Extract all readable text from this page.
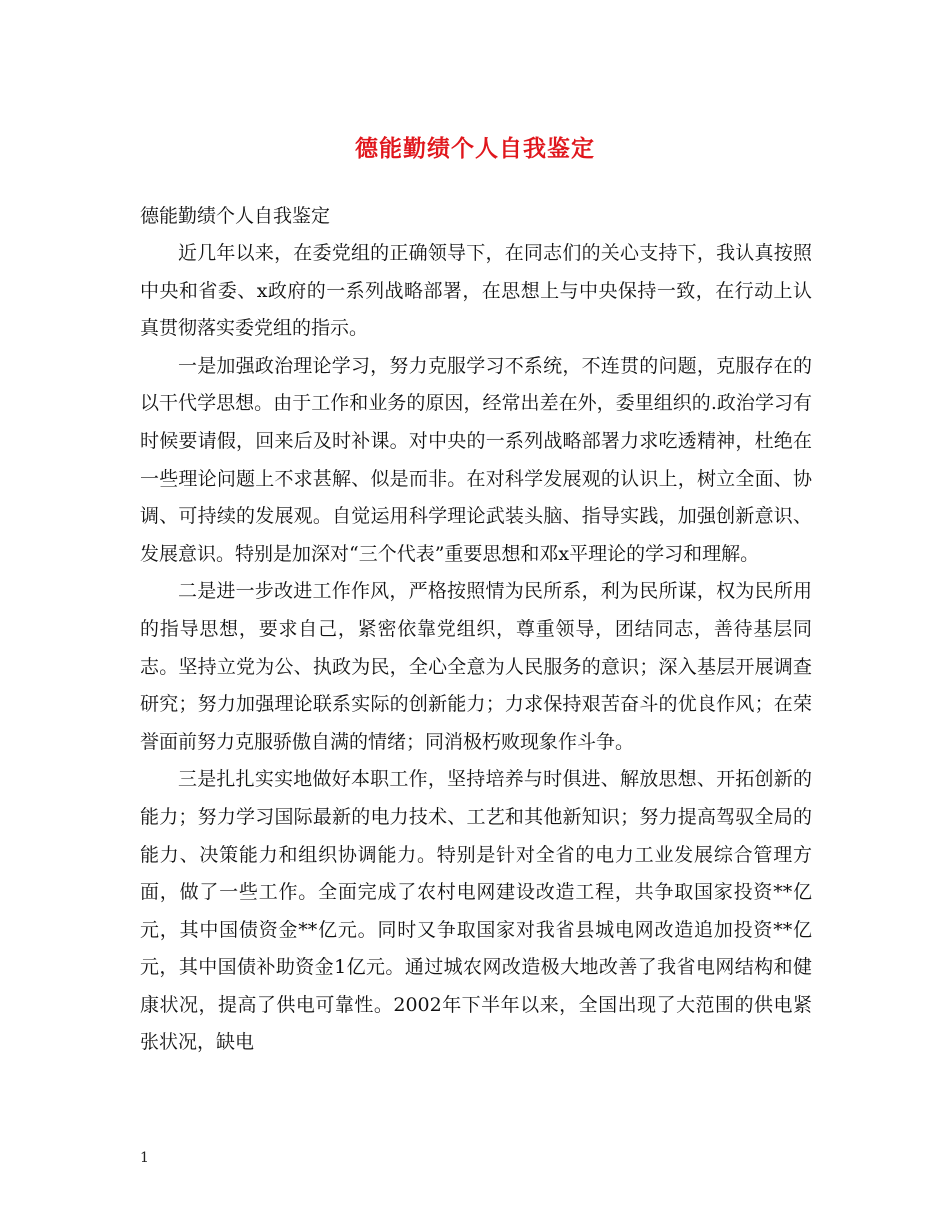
德能勤绩个人自我鉴定

德能勤绩个人自我鉴定

近几年以来，在委党组的正确领导下，在同志们的关心支持下，我认真按照中央和省委、x政府的一系列战略部署，在思想上与中央保持一致，在行动上认真贯彻落实委党组的指示。

一是加强政治理论学习，努力克服学习不系统，不连贯的问题，克服存在的以干代学思想。由于工作和业务的原因，经常出差在外，委里组织的.政治学习有时候要请假，回来后及时补课。对中央的一系列战略部署力求吃透精神，杜绝在一些理论问题上不求甚解、似是而非。在对科学发展观的认识上，树立全面、协调、可持续的发展观。自觉运用科学理论武装头脑、指导实践，加强创新意识、发展意识。特别是加深对“三个代表”重要思想和邓x平理论的学习和理解。

二是进一步改进工作作风，严格按照情为民所系，利为民所谋，权为民所用的指导思想，要求自己，紧密依靠党组织，尊重领导，团结同志，善待基层同志。坚持立党为公、执政为民，全心全意为人民服务的意识；深入基层开展调查研究；努力加强理论联系实际的创新能力；力求保持艰苦奋斗的优良作风；在荣誉面前努力克服骄傲自满的情绪；同消极朽败现象作斗争。

三是扎扎实实地做好本职工作，坚持培养与时俱进、解放思想、开拓创新的能力；努力学习国际最新的电力技术、工艺和其他新知识；努力提高驾驭全局的能力、决策能力和组织协调能力。特别是针对全省的电力工业发展综合管理方面，做了一些工作。全面完成了农村电网建设改造工程，共争取国家投资**亿元，其中国债资金**亿元。同时又争取国家对我省县城电网改造追加投资**亿元，其中国债补助资金1亿元。通过城农网改造极大地改善了我省电网结构和健康状况，提高了供电可靠性。2002年下半年以来，全国出现了大范围的供电紧张状况，缺电

1
